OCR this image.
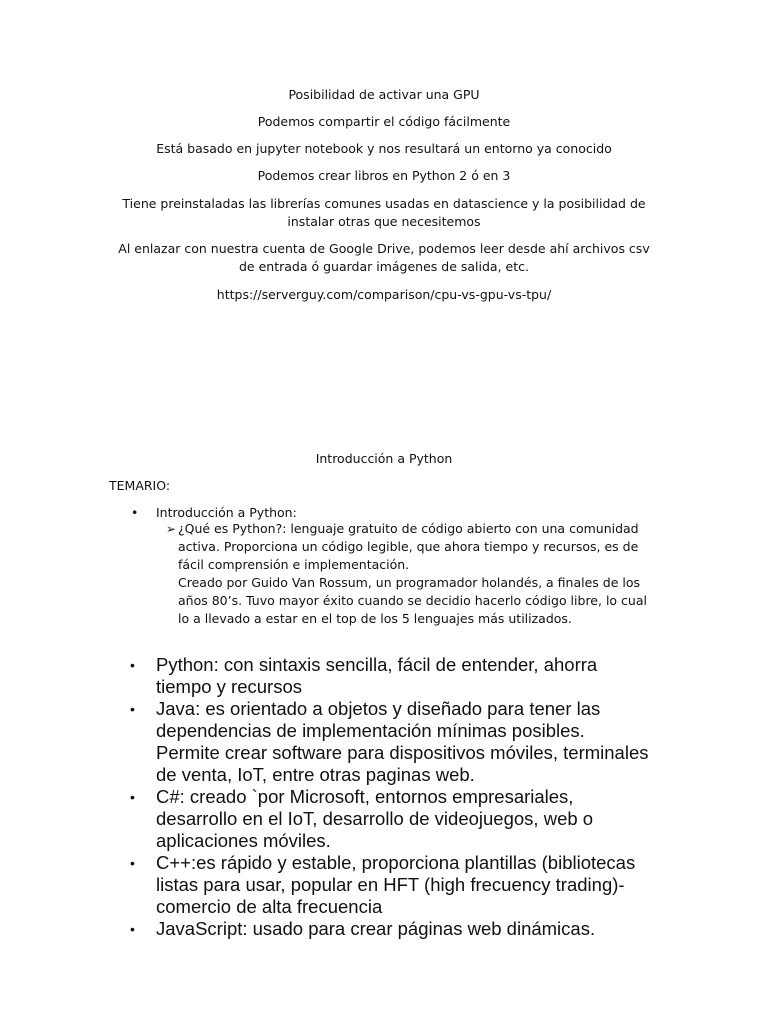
Posibilidad de activar una GPU
Podemos compartir el código fácilmente
Está basado en jupyter notebook y nos resultará un entorno ya conocido
Podemos crear libros en Python 2 ó en 3
Tiene preinstaladas las librerías comunes usadas en datascience y la posibilidad de instalar otras que necesitemos
Al enlazar con nuestra cuenta de Google Drive, podemos leer desde ahí archivos csv de entrada ó guardar imágenes de salida, etc.
https://serverguy.com/comparison/cpu-vs-gpu-vs-tpu/
Introducción a Python
TEMARIO:
• Introducción a Python:
➢ ¿Qué es Python?: lenguaje gratuito de código abierto con una comunidad activa. Proporciona un código legible, que ahora tiempo y recursos, es de fácil comprensión e implementación.

Creado por Guido Van Rossum, un programador holandés, a finales de los años 80’s. Tuvo mayor éxito cuando se decidio hacerlo código libre, lo cual lo a llevado a estar en el top de los 5 lenguajes más utilizados.

• Python: con sintaxis sencilla, fácil de entender, ahorra tiempo y recursos
• Java: es orientado a objetos y diseñado para tener las dependencias de implementación mínimas posibles. Permite crear software para dispositivos móviles, terminales de venta, IoT, entre otras paginas web.
• C#: creado `por Microsoft, entornos empresariales, desarrollo en el IoT, desarrollo de videojuegos, web o aplicaciones móviles.
• C++:es rápido y estable, proporciona plantillas (bibliotecas listas para usar, popular en HFT (high frecuency trading)- comercio de alta frecuencia
• JavaScript: usado para crear páginas web dinámicas.
